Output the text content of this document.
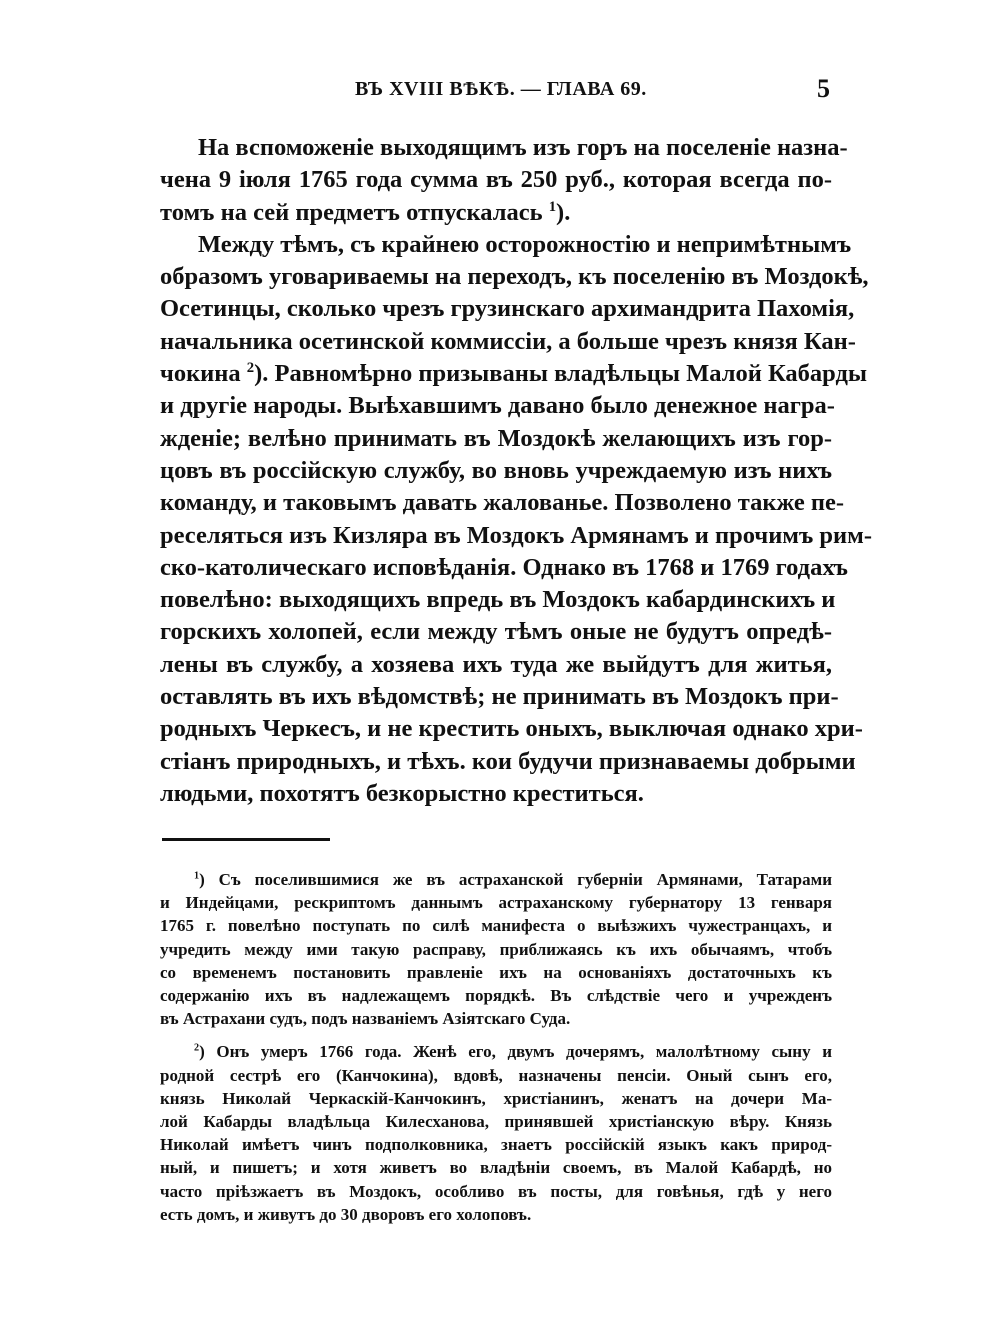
ВЪ XVIII ВѢКѢ. — ГЛАВА 69.	5
На вспоможеніе выходящимъ изъ горъ на поселеніе назна-
чена 9 іюля 1765 года сумма въ 250 руб., которая всегда по-
томъ на сей предметъ отпускалась $^1$).
Между тѣмъ, съ крайнею осторожностію и непримѣтнымъ
образомъ уговариваемы на переходъ, къ поселенію въ Моздокѣ,
Осетинцы, сколько чрезъ грузинскаго архимандрита Пахомія,
начальника осетинской коммиссіи, а больше чрезъ князя Кан-
чокина $^2$). Равномѣрно призываны владѣльцы Малой Кабарды
и другіе народы. Выѣхавшимъ давано было денежное награ-
жденіе; велѣно принимать въ Моздокѣ желающихъ изъ гор-
цовъ въ россійскую службу, во вновь учреждаемую изъ нихъ
команду, и таковымъ давать жалованье. Позволено также пе-
реселяться изъ Кизляра въ Моздокъ Армянамъ и прочимъ рим-
ско-католическаго исповѣданія. Однако въ 1768 и 1769 годахъ
повелѣно: выходящихъ впредь въ Моздокъ кабардинскихъ и
горскихъ холопей, если между тѣмъ оные не будутъ опредѣ-
лены въ службу, а хозяева ихъ туда же выйдутъ для житья,
оставлять въ ихъ вѣдомствѣ; не принимать въ Моздокъ при-
родныхъ Черкесъ, и не крестить оныхъ, выключая однако хри-
стіанъ природныхъ, и тѣхъ. кои будучи признаваемы добрыми
людьми, похотятъ безкорыстно креститься.
$^1$) Съ поселившимися же въ астраханской губерніи Армянами, Татарами
и Индейцами, рескриптомъ даннымъ астраханскому губернатору 13 генваря
1765 г. повелѣно поступать по силѣ манифеста о выѣзжихъ чужестранцахъ, и
учредить между ими такую расправу, приближаясь къ ихъ обычаямъ, чтобъ
со временемъ постановить правленіе ихъ на основаніяхъ достаточныхъ къ
содержанію ихъ въ надлежащемъ порядкѣ. Въ слѣдствіе чего и учрежденъ
въ Астрахани судъ, подъ названіемъ Азіятскаго Суда.
$^2$) Онъ умеръ 1766 года. Женѣ его, двумъ дочерямъ, малолѣтному сыну и
родной сестрѣ его (Канчокина), вдовѣ, назначены пенсіи. Оный сынъ его,
князь Николай Черкаскій-Канчокинъ, христіанинъ, женатъ на дочери Ма-
лой Кабарды владѣльца Килесханова, принявшей христіанскую вѣру. Князь
Николай имѣетъ чинъ подполковника, знаетъ россійскій языкъ какъ природ-
ный, и пишетъ; и хотя живетъ во владѣніи своемъ, въ Малой Кабардѣ, но
часто пріѣзжаетъ въ Моздокъ, особливо въ посты, для говѣнья, гдѣ у него
есть домъ, и живутъ до 30 дворовъ его холоповъ.
